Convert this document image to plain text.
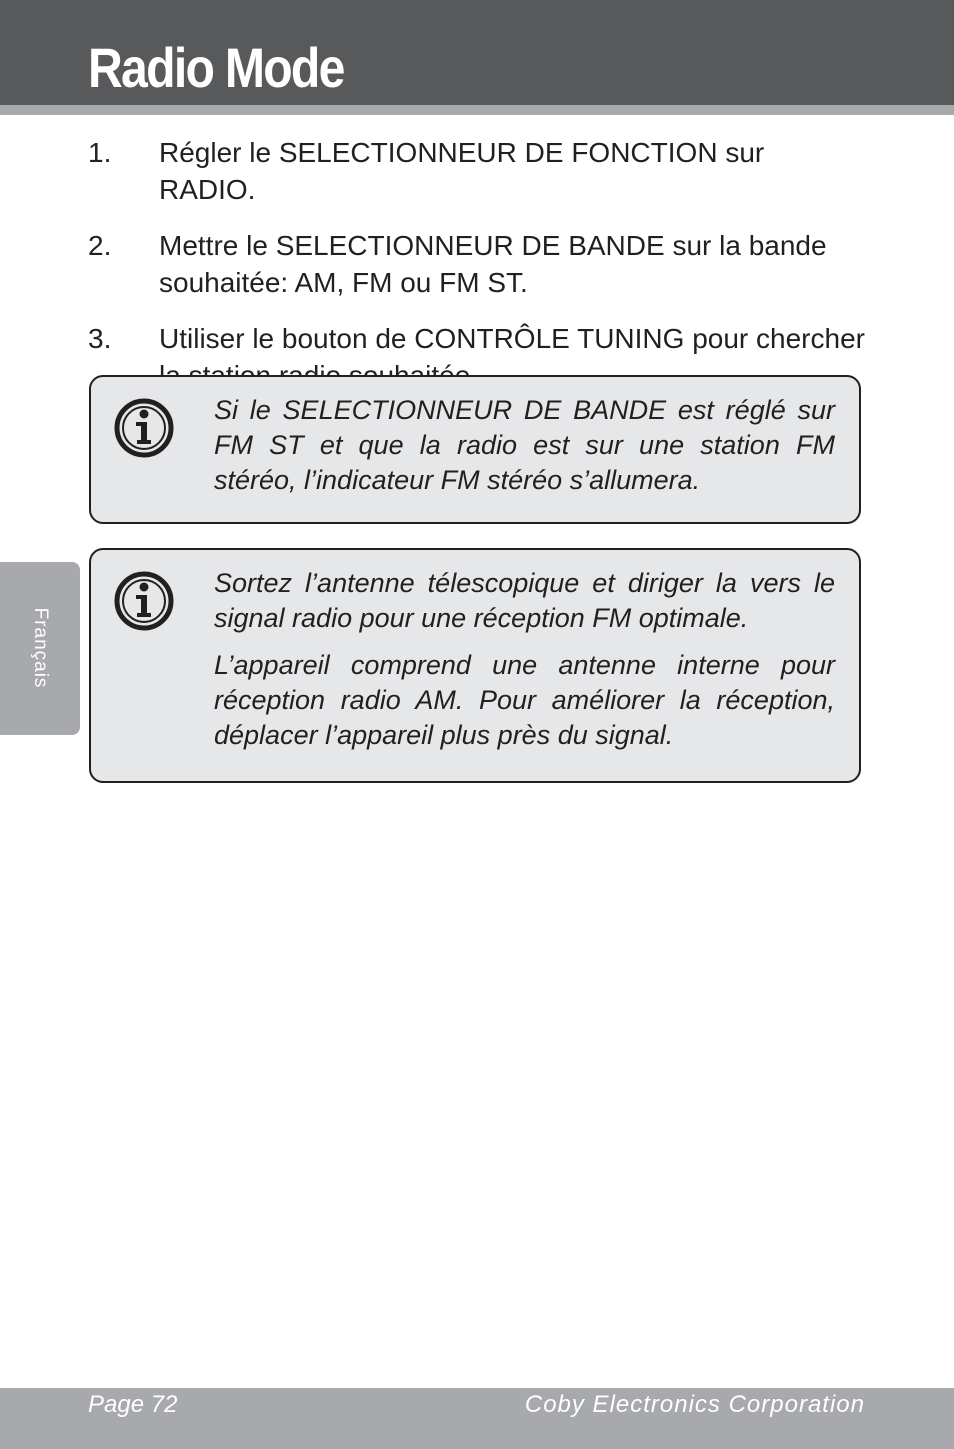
Radio Mode
1.	Régler le SELECTIONNEUR DE FONCTION sur RADIO.
2.	Mettre le SELECTIONNEUR DE BANDE sur la bande souhaitée: AM, FM ou FM ST.
3.	Utiliser le bouton de CONTRÔLE TUNING pour chercher

Si le SELECTIONNEUR DE BANDE est réglé sur FM ST et que la radio est sur une station FM stéréo, l’indicateur FM stéréo s’allumera.

Sortez l’antenne télescopique et diriger la vers le signal radio pour une réception FM optimale.

L’appareil comprend une antenne interne pour réception radio AM. Pour améliorer la réception, déplacer l’appareil plus près du signal.

Français
Page 72	Coby Electronics Corporation
